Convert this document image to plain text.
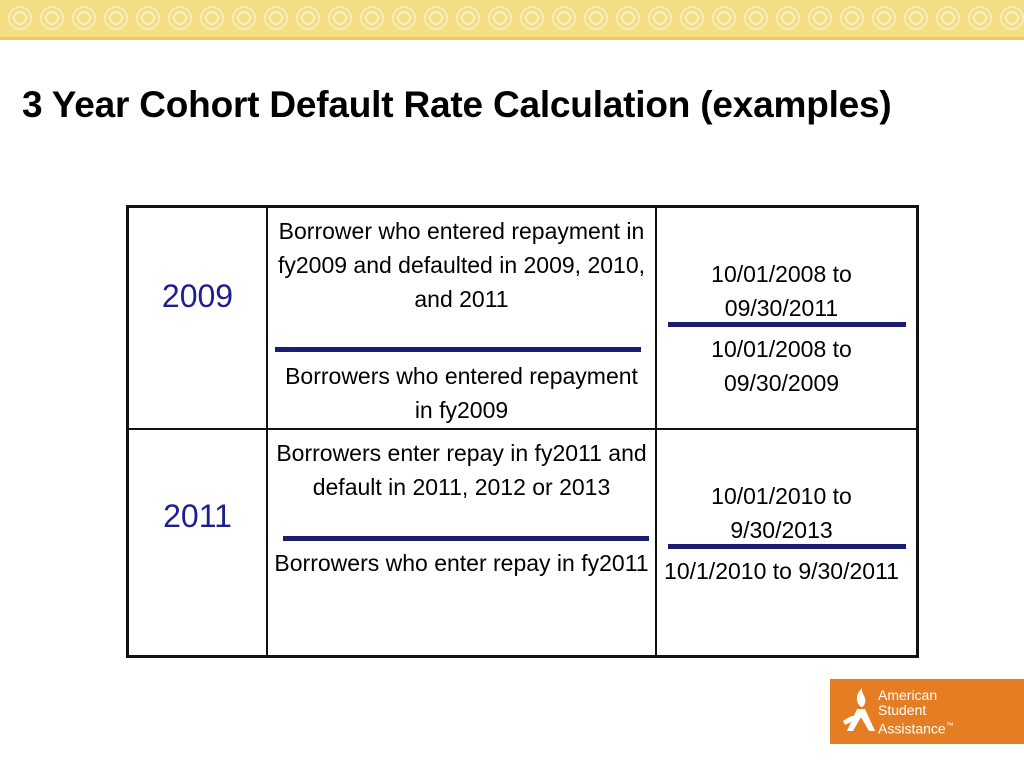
3 Year Cohort Default Rate Calculation (examples)
2009
Borrower who entered repayment in fy2009 and defaulted in 2009, 2010, and 2011
Borrowers who entered repayment in fy2009
10/01/2008 to 09/30/2011
10/01/2008 to 09/30/2009
2011
Borrowers enter repay in fy2011 and default in 2011, 2012 or 2013
Borrowers who enter repay in fy2011
10/01/2010 to 9/30/2013
10/1/2010 to 9/30/2011
American
Student
Assistance™
